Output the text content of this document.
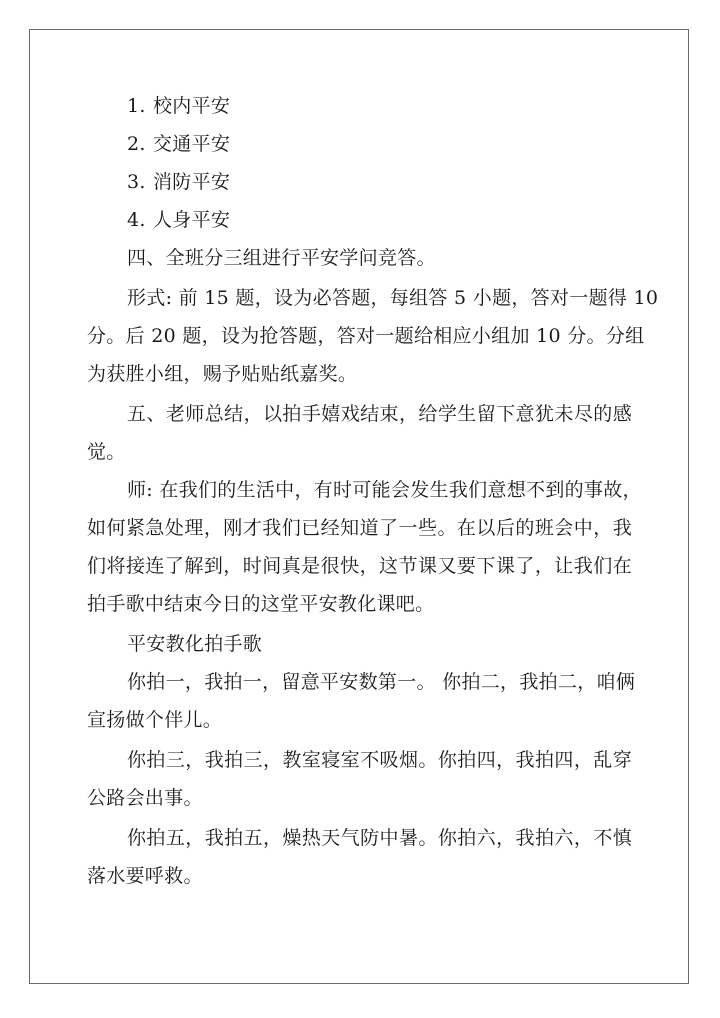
1. 校内平安
2. 交通平安
3. 消防平安
4. 人身平安
四、全班分三组进行平安学问竞答。
形式: 前 15 题，设为必答题，每组答 5 小题，答对一题得 10
分。后 20 题，设为抢答题，答对一题给相应小组加 10 分。分组
为获胜小组，赐予贴贴纸嘉奖。
五、老师总结，以拍手嬉戏结束，给学生留下意犹未尽的感
觉。
师: 在我们的生活中，有时可能会发生我们意想不到的事故，
如何紧急处理，刚才我们已经知道了一些。在以后的班会中，我
们将接连了解到，时间真是很快，这节课又要下课了，让我们在
拍手歌中结束今日的这堂平安教化课吧。
平安教化拍手歌
你拍一，我拍一，留意平安数第一。 你拍二，我拍二，咱俩
宣扬做个伴儿。
你拍三，我拍三，教室寝室不吸烟。你拍四，我拍四，乱穿
公路会出事。
你拍五，我拍五，燥热天气防中暑。你拍六，我拍六，不慎
落水要呼救。
